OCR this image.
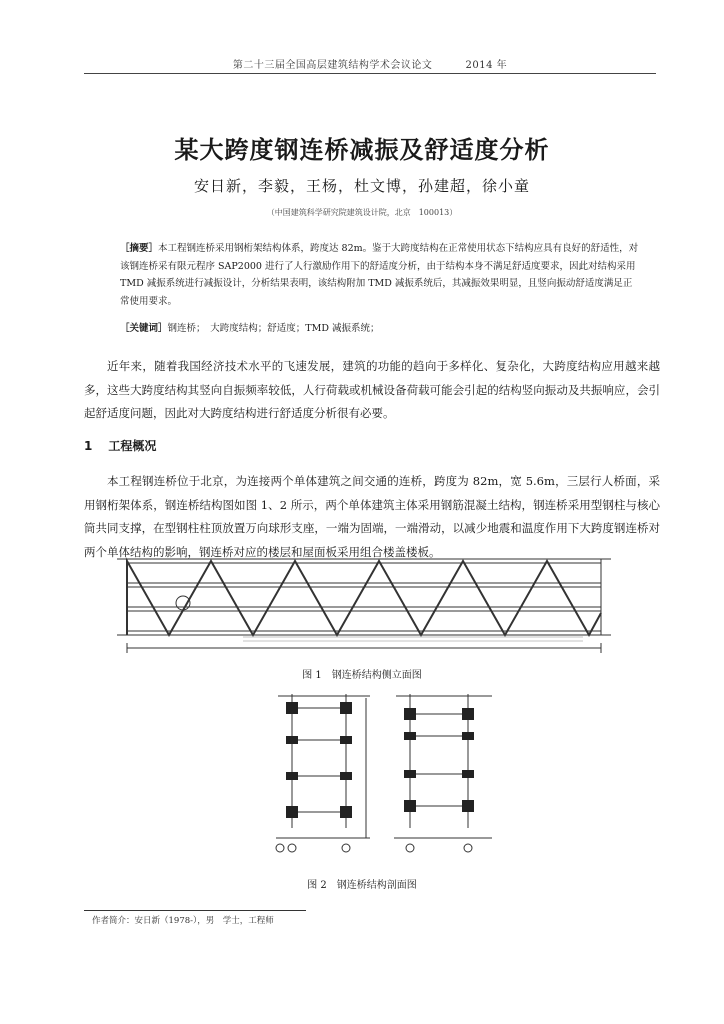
第二十三届全国高层建筑结构学术会议论文	2014 年
某大跨度钢连桥减振及舒适度分析
安日新，李毅，王杨，杜文博，孙建超，徐小童
（中国建筑科学研究院建筑设计院，北京　100013）
［摘要］本工程钢连桥采用钢桁架结构体系，跨度达 82m。鉴于大跨度结构在正常使用状态下结构应具有良好的舒适性，对该钢连桥采有限元程序 SAP2000 进行了人行激励作用下的舒适度分析，由于结构本身不满足舒适度要求，因此对结构采用 TMD 减振系统进行减振设计，分析结果表明，该结构附加 TMD 减振系统后，其减振效果明显，且竖向振动舒适度满足正常使用要求。
［关键词］钢连桥；　大跨度结构；舒适度；TMD 减振系统；
近年来，随着我国经济技术水平的飞速发展，建筑的功能的趋向于多样化、复杂化，大跨度结构应用越来越多，这些大跨度结构其竖向自振频率较低，人行荷载或机械设备荷载可能会引起的结构竖向振动及共振响应，会引起舒适度问题，因此对大跨度结构进行舒适度分析很有必要。
1 工程概况
本工程钢连桥位于北京，为连接两个单体建筑之间交通的连桥，跨度为 82m，宽 5.6m，三层行人桥面，采用钢桁架体系，钢连桥结构图如图 1、2 所示，两个单体建筑主体采用钢筋混凝土结构，钢连桥采用型钢柱与核心筒共同支撑，在型钢柱柱顶放置万向球形支座，一端为固端，一端滑动，以减少地震和温度作用下大跨度钢连桥对两个单体结构的影响，钢连桥对应的楼层和屋面板采用组合楼盖楼板。
图 1　钢连桥结构侧立面图
图 2　钢连桥结构剖面图
作者简介：安日新（1978-），男　学士，工程师
